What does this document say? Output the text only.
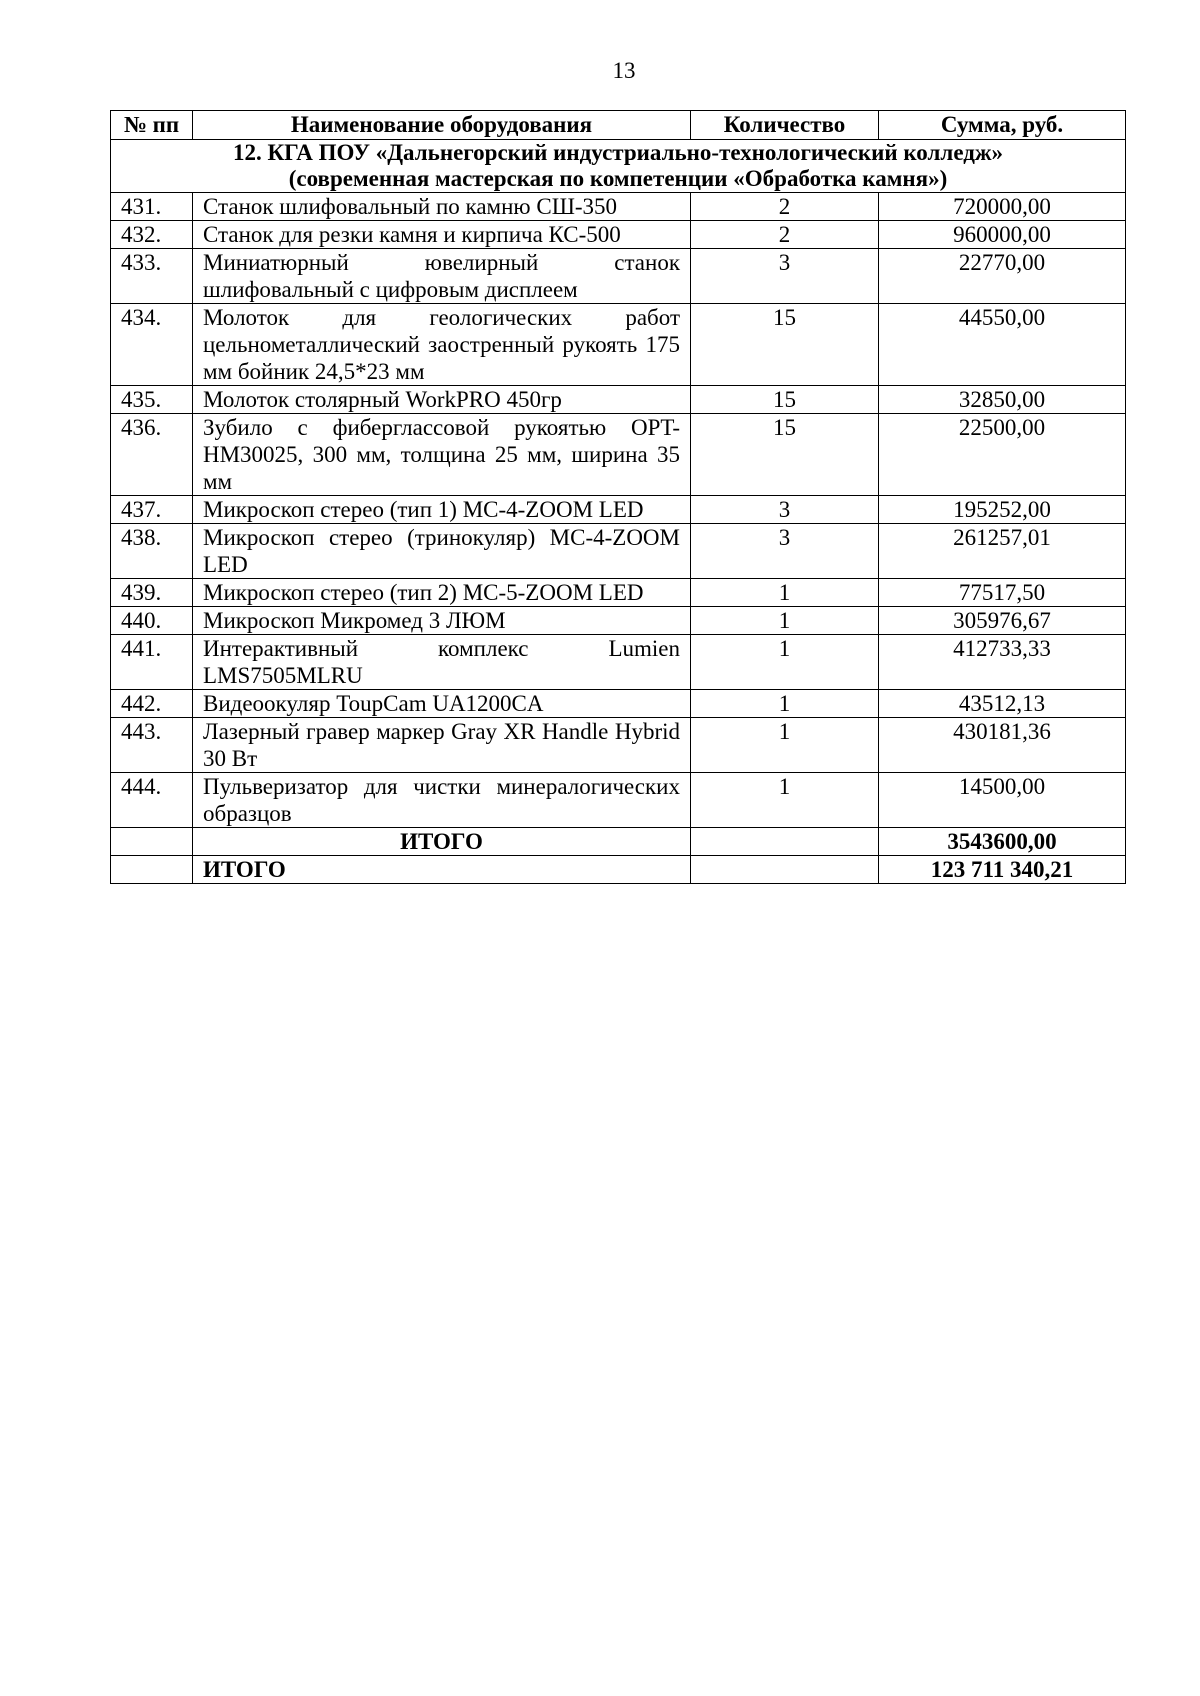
13
№ пп	Наименование оборудования	Количество	Сумма, руб.

12. КГА ПОУ «Дальнегорский индустриально-технологический колледж»
(современная мастерская по компетенции «Обработка камня»)			

431.	Станок шлифовальный по камню СШ-350	2	720000,00
432.	Станок для резки камня и кирпича КС-500	2	960000,00
433.	Миниатюрный ювелирный станок шлифовальный с цифровым дисплеем	3	22770,00
434.	Молоток для геологических работ цельнометаллический заостренный рукоять 175 мм бойник 24,5*23 мм	15	44550,00
435.	Молоток столярный WorkPRO 450гр	15	32850,00
436.	Зубило с фиберглассовой рукоятью OPT-HM30025, 300 мм, толщина 25 мм, ширина 35 мм	15	22500,00
437.	Микроскоп стерео (тип 1) MC-4-ZOOM LED	3	195252,00
438.	Микроскоп стерео (тринокуляр) MC-4-ZOOM LED	3	261257,01
439.	Микроскоп стерео (тип 2) MC-5-ZOOM LED	1	77517,50
440.	Микроскоп Микромед 3 ЛЮМ	1	305976,67
441.	Интерактивный комплекс Lumien LMS7505MLRU	1	412733,33
442.	Видеоокуляр ToupCam UA1200CA	1	43512,13
443.	Лазерный гравер маркер Gray XR Handle Hybrid 30 Вт	1	430181,36
444.	Пульверизатор для чистки минералогических образцов	1	14500,00
	ИТОГО		3543600,00
	ИТОГО		123 711 340,21
